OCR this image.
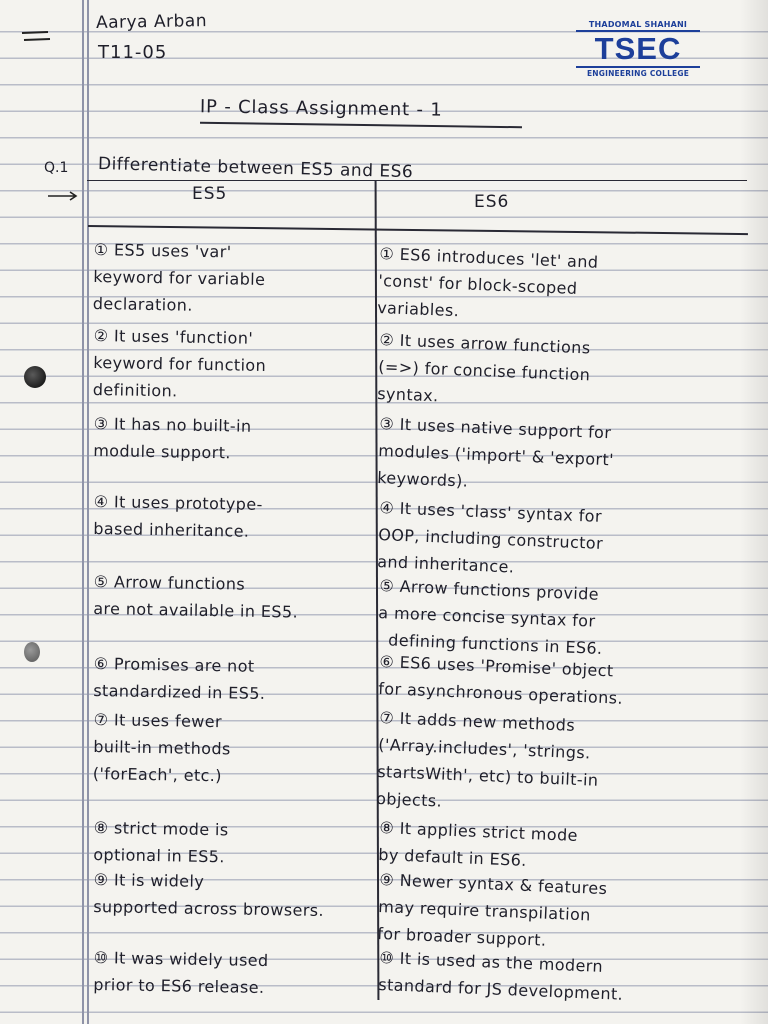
Aarya Arban
T11-05
THADOMAL SHAHANI
TSEC
ENGINEERING COLLEGE
IP - Class Assignment - 1
Q.1 Differentiate between ES5 and ES6
ES5	ES6
① ES5 uses 'var'
keyword for variable
declaration.
② It uses 'function'
keyword for function
definition.
③ It has no built-in
module support.
④ It uses prototype-
based inheritance.
⑤ Arrow functions
are not available in ES5.
⑥ Promises are not
standardized in ES5.
⑦ It uses fewer
built-in methods
('forEach', etc.)
⑧ strict mode is
optional in ES5.
⑨ It is widely
supported across browsers.
⑩ It was widely used
prior to ES6 release.
① ES6 introduces 'let' and
'const' for block-scoped
variables.
② It uses arrow functions
(=>) for concise function
syntax.
③ It uses native support for
modules ('import' & 'export'
keywords).
④ It uses 'class' syntax for
OOP, including constructor
and inheritance.
⑤ Arrow functions provide
a more concise syntax for
defining functions in ES6.
⑥ ES6 uses 'Promise' object
for asynchronous operations.
⑦ It adds new methods
('Array.includes', 'strings.
startsWith', etc) to built-in
objects.
⑧ It applies strict mode
by default in ES6.
⑨ Newer syntax & features
may require transpilation
for broader support.
⑩ It is used as the modern
standard for JS development.
